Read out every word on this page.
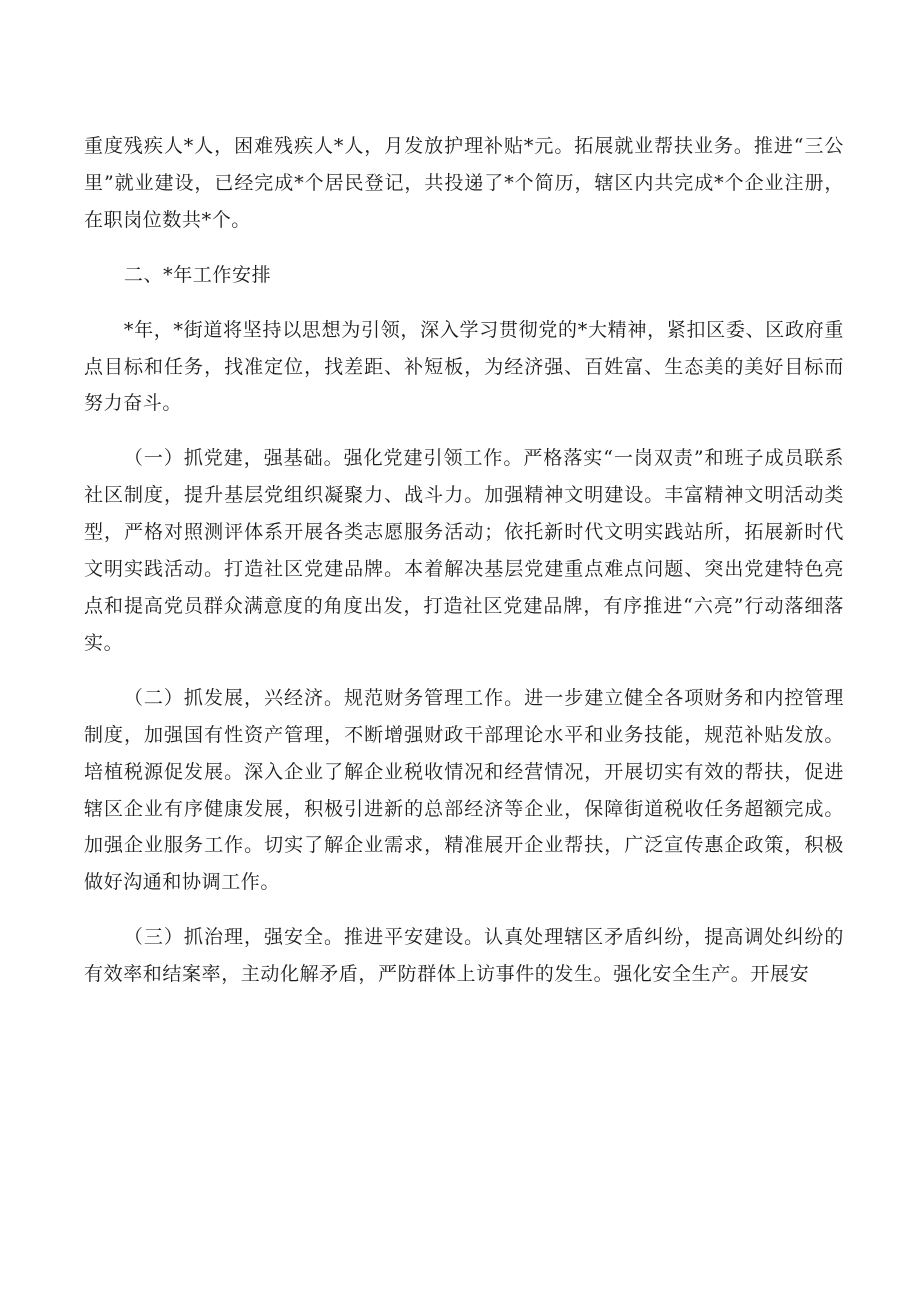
重度残疾人*人，困难残疾人*人，月发放护理补贴*元。拓展就业帮扶业务。推进“三公里”就业建设，已经完成*个居民登记，共投递了*个简历，辖区内共完成*个企业注册，在职岗位数共*个。

二、*年工作安排

*年，*街道将坚持以思想为引领，深入学习贯彻党的*大精神，紧扣区委、区政府重点目标和任务，找准定位，找差距、补短板，为经济强、百姓富、生态美的美好目标而努力奋斗。

（一）抓党建，强基础。强化党建引领工作。严格落实“一岗双责”和班子成员联系社区制度，提升基层党组织凝聚力、战斗力。加强精神文明建设。丰富精神文明活动类型，严格对照测评体系开展各类志愿服务活动；依托新时代文明实践站所，拓展新时代文明实践活动。打造社区党建品牌。本着解决基层党建重点难点问题、突出党建特色亮点和提高党员群众满意度的角度出发，打造社区党建品牌，有序推进“六亮”行动落细落实。

（二）抓发展，兴经济。规范财务管理工作。进一步建立健全各项财务和内控管理制度，加强国有性资产管理，不断增强财政干部理论水平和业务技能，规范补贴发放。培植税源促发展。深入企业了解企业税收情况和经营情况，开展切实有效的帮扶，促进辖区企业有序健康发展，积极引进新的总部经济等企业，保障街道税收任务超额完成。加强企业服务工作。切实了解企业需求，精准展开企业帮扶，广泛宣传惠企政策，积极做好沟通和协调工作。

（三）抓治理，强安全。推进平安建设。认真处理辖区矛盾纠纷，提高调处纠纷的有效率和结案率，主动化解矛盾，严防群体上访事件的发生。强化安全生产。开展安
